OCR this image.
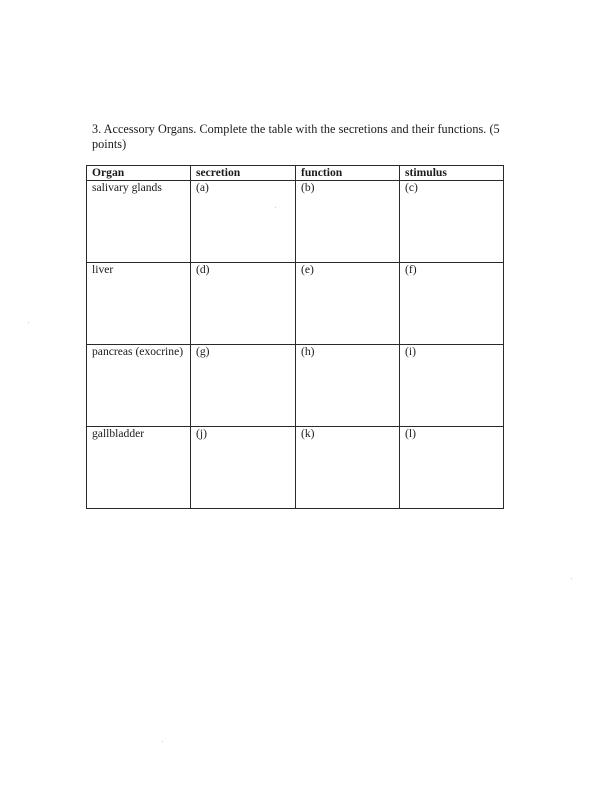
3. Accessory Organs. Complete the table with the secretions and their functions. (5 points)
Organ	secretion	function	stimulus
salivary glands	(a)	(b)	(c)
liver	(d)	(e)	(f)
pancreas (exocrine)	(g)	(h)	(i)
gallbladder	(j)	(k)	(l)
